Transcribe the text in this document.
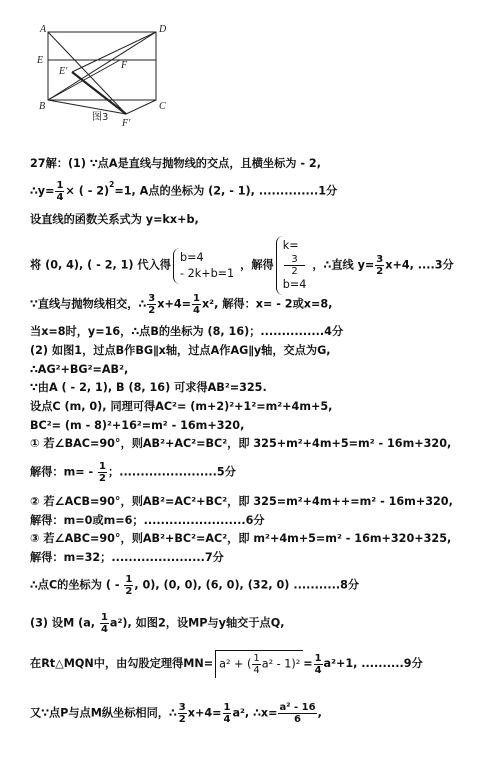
A	D
E
E'
F
B	C
F'
图3
27解：(1) ∵点A是直线与抛物线的交点，且横坐标为 - 2,
∴y= $\frac{1}{4}$ × ( - 2)$^2$=1, A点的坐标为 (2, - 1), ..............1分
设直线的函数关系式为 y=kx+b,
将 (0, 4), ( - 2, 1) 代入得
b=4
- 2k+b=1
，解得
k=
3
2
b=4
，∴直线 $y= \frac{3}{2} x+4$, ....3分
∵直线与抛物线相交，∴ $\frac{3}{2} x+4= \frac{1}{4} x^2$, 解得：x= - 2或x=8,
当x=8时，y=16，∴点B的坐标为 (8, 16)；...............4分
(2) 如图1，过点B作BG∥x轴，过点A作AG∥y轴，交点为G,
∴AG²+BG²=AB²,
∵由A ( - 2, 1), B (8, 16) 可求得AB²=325.
设点C (m, 0), 同理可得AC²= (m+2)²+1²=m²+4m+5,
BC²= (m - 8)²+16²=m² - 16m+320,
① 若∠BAC=90°，则AB²+AC²=BC²，即 325+m²+4m+5=m² - 16m+320,
解得：$m= - \frac{1}{2}$ ；.......................5分
② 若∠ACB=90°，则AB²=AC²+BC²，即 325=m²+4m++=m² - 16m+320,
解得：m=0或m=6；........................6分
③ 若∠ABC=90°，则AB²+BC²=AC²，即 m²+4m+5=m² - 16m+320+325,
解得：m=32；......................7分
∴点C的坐标为 ( - $\frac{1}{2}$ , 0), (0, 0), (6, 0), (32, 0) ...........8分
(3) 设M (a, $\frac{1}{4} a^2$), 如图2，设MP与y轴交于点Q,
在Rt△MQN中，由勾股定理得MN= a² + ( $\frac{1}{4} a^2 - 1)^2 = \frac{1}{4} a^2+1$, ..........9分
又∵点P与点M纵坐标相同，∴ $\frac{3}{2} x+4= \frac{1}{4} a^2$, ∴x= $\frac{\text{a² - 16}}{6}$ ,
